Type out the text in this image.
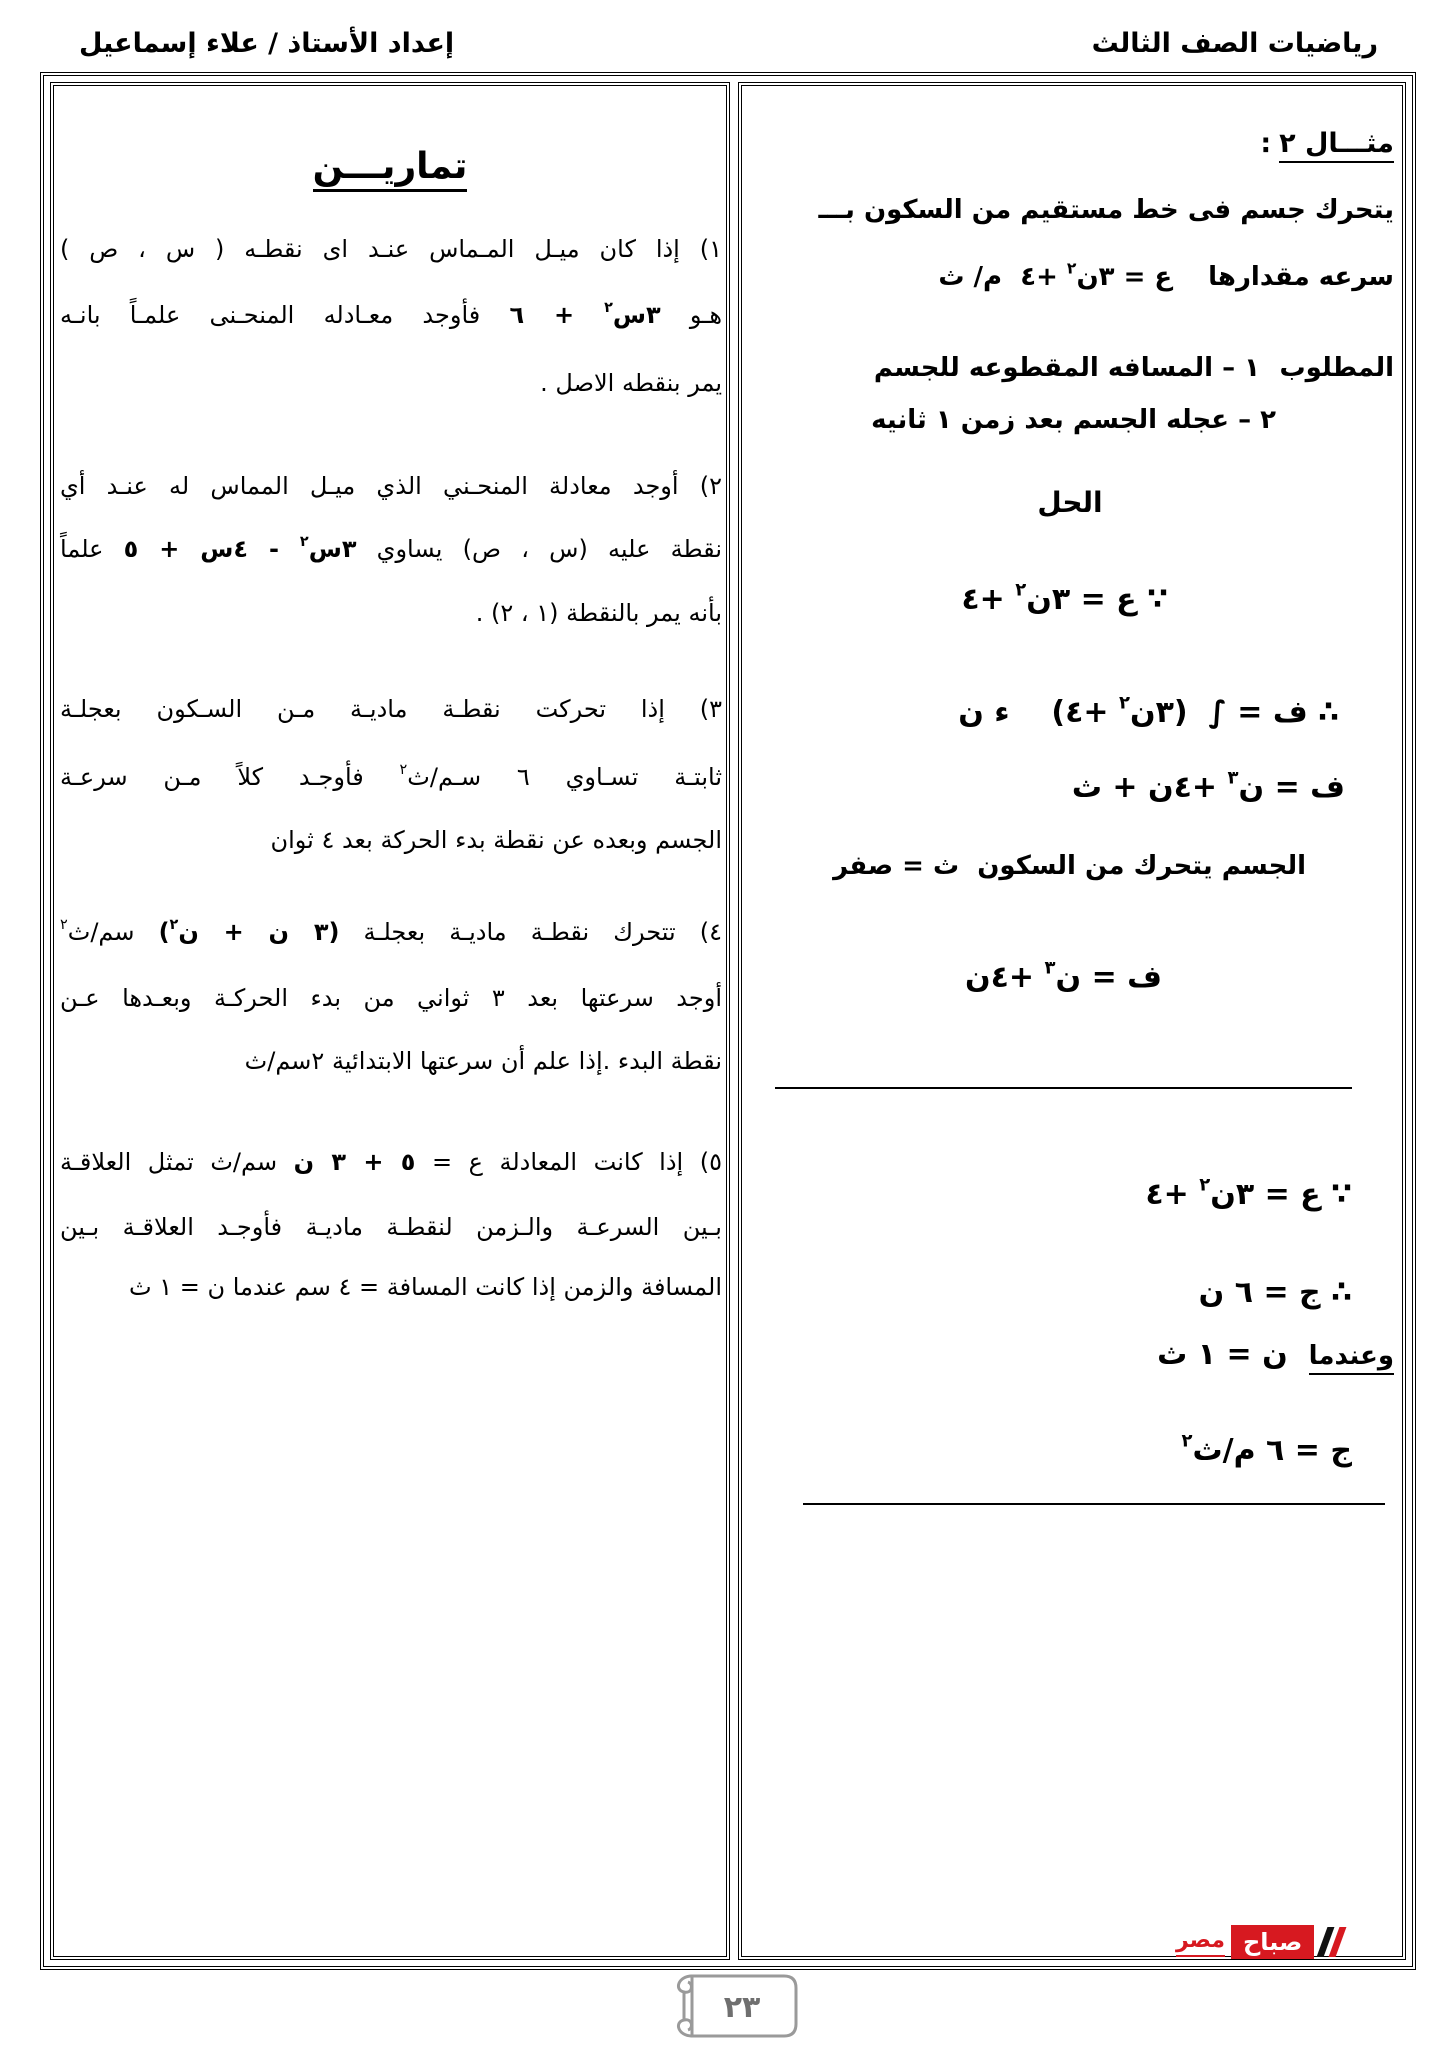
رياضيات الصف الثالث
إعداد الأستاذ / علاء إسماعيل
تماريـــن
١) إذا كان ميـل المـماس عنـد اى نقطـه ( س ، ص )
هـو ٣س$^٢$ + ٦ فأوجد معـادله المنحـنى علمـاً بانـه
يمر بنقطه الاصل .
٢) أوجد معادلة المنحـني الذي ميـل المماس له عنـد أي
نقطة عليه (س ، ص) يساوي ٣س$^٢$ - ٤س + ٥ علماً
بأنه يمر بالنقطة (١ ، ٢) .
٣) إذا تحركت نقطـة ماديـة مـن السـكون بعجلـة
ثابتـة تسـاوي ٦ سـم/ث$^٢$ فأوجـد كلاً مـن سرعـة
الجسم وبعده عن نقطة بدء الحركة بعد ٤ ثوان
٤) تتحرك نقطـة ماديـة بعجلـة (٣ ن + ن$^٢$) سم/ث$^٢$
أوجد سرعتها بعد ٣ ثواني من بدء الحركـة وبعـدها عـن
نقطة البدء .إذا علم أن سرعتها الابتدائية ٢سم/ث
٥) إذا كانت المعادلة ع = ٥ + ٣ ن سم/ث تمثل العلاقـة
بـين السرعـة والـزمن لنقطـة ماديـة فأوجـد العلاقـة بـين
المسافة والزمن إذا كانت المسافة = ٤ سم عندما ن = ١ ث
مثـــال ٢:
يتحرك جسم فى خط مستقيم من السكون بـــ
سرعه مقدارهاع = ٣ن$^٢$ +٤  م/ ث
المطلوب
١ – المسافه المقطوعه للجسم
٢ – عجله الجسم بعد زمن ١ ثانيه
الحل
∵ ع = ٣ن$^٢$ +٤
∴ ف = ∫  (٣ن$^٢$ +٤)    ء ن
ف = ن$^٣$ +٤ن + ث
الجسم يتحرك من السكون  ث = صفر
ف = ن$^٣$ +٤ن
∵ ع = ٣ن$^٢$ +٤
∴ ج = ٦ ن
وعندما  ن = ١ ث
ج = ٦ م/ث$^٢$
صباح
مصر
٢٣
